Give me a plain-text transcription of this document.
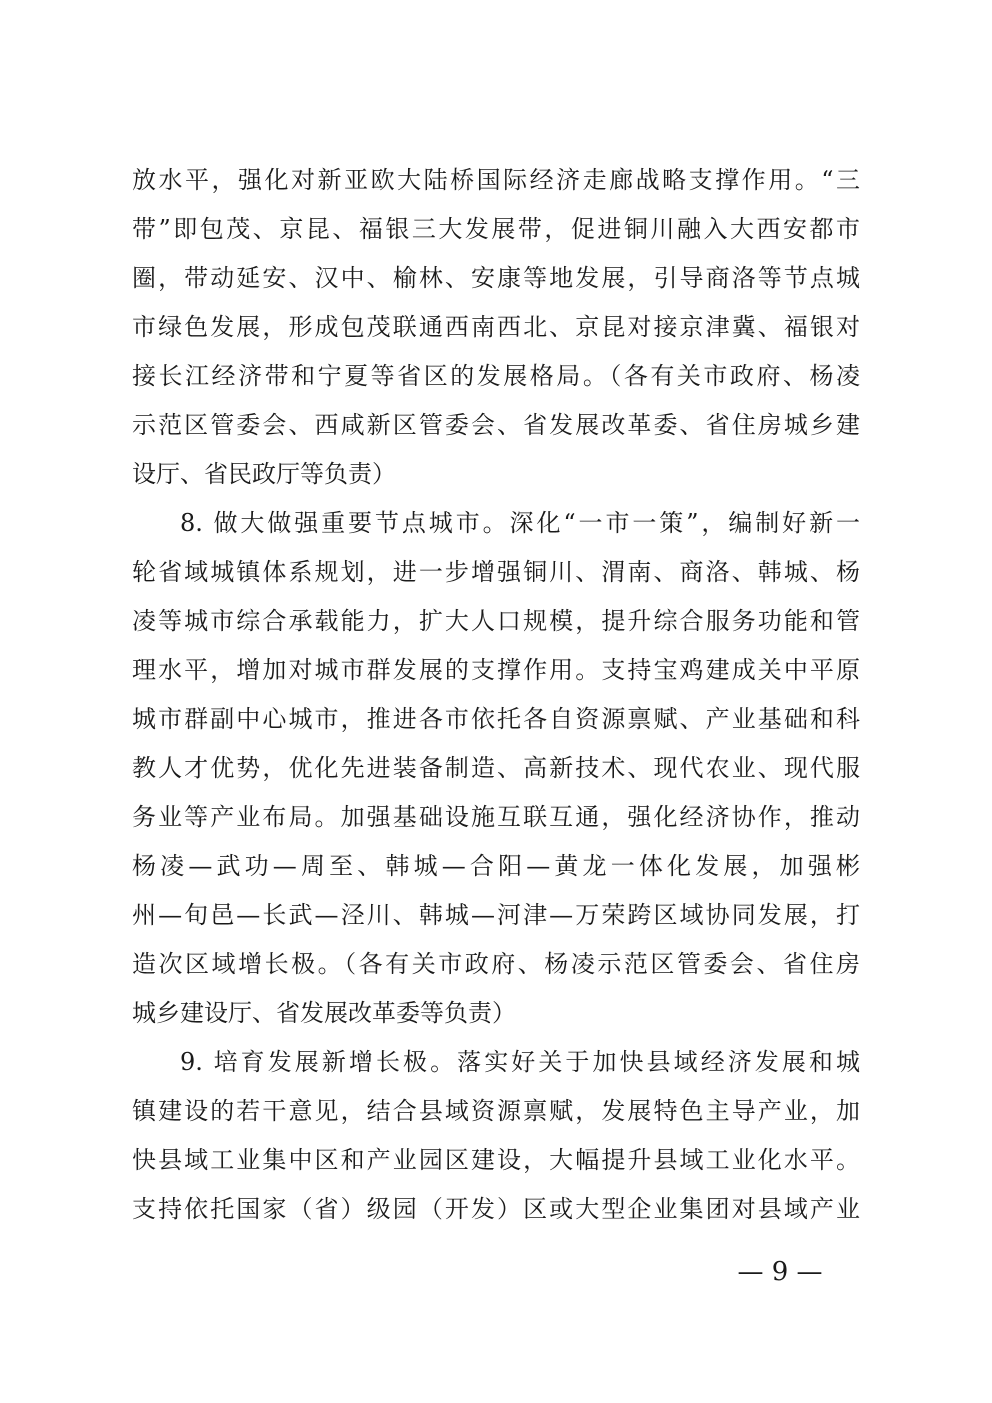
放水平，强化对新亚欧大陆桥国际经济走廊战略支撑作用。“三
带”即包茂、京昆、福银三大发展带，促进铜川融入大西安都市
圈，带动延安、汉中、榆林、安康等地发展，引导商洛等节点城
市绿色发展，形成包茂联通西南西北、京昆对接京津冀、福银对
接长江经济带和宁夏等省区的发展格局。（各有关市政府、杨凌
示范区管委会、西咸新区管委会、省发展改革委、省住房城乡建
设厅、省民政厅等负责）
8. 做大做强重要节点城市。深化“一市一策”，编制好新一
轮省域城镇体系规划，进一步增强铜川、渭南、商洛、韩城、杨
凌等城市综合承载能力，扩大人口规模，提升综合服务功能和管
理水平，增加对城市群发展的支撑作用。支持宝鸡建成关中平原
城市群副中心城市，推进各市依托各自资源禀赋、产业基础和科
教人才优势，优化先进装备制造、高新技术、现代农业、现代服
务业等产业布局。加强基础设施互联互通，强化经济协作，推动
杨凌—武功—周至、韩城—合阳—黄龙一体化发展，加强彬
州—旬邑—长武—泾川、韩城—河津—万荣跨区域协同发展，打
造次区域增长极。（各有关市政府、杨凌示范区管委会、省住房
城乡建设厅、省发展改革委等负责）
9. 培育发展新增长极。落实好关于加快县域经济发展和城
镇建设的若干意见，结合县域资源禀赋，发展特色主导产业，加
快县域工业集中区和产业园区建设，大幅提升县域工业化水平。
支持依托国家（省）级园（开发）区或大型企业集团对县域产业
— 9 —
